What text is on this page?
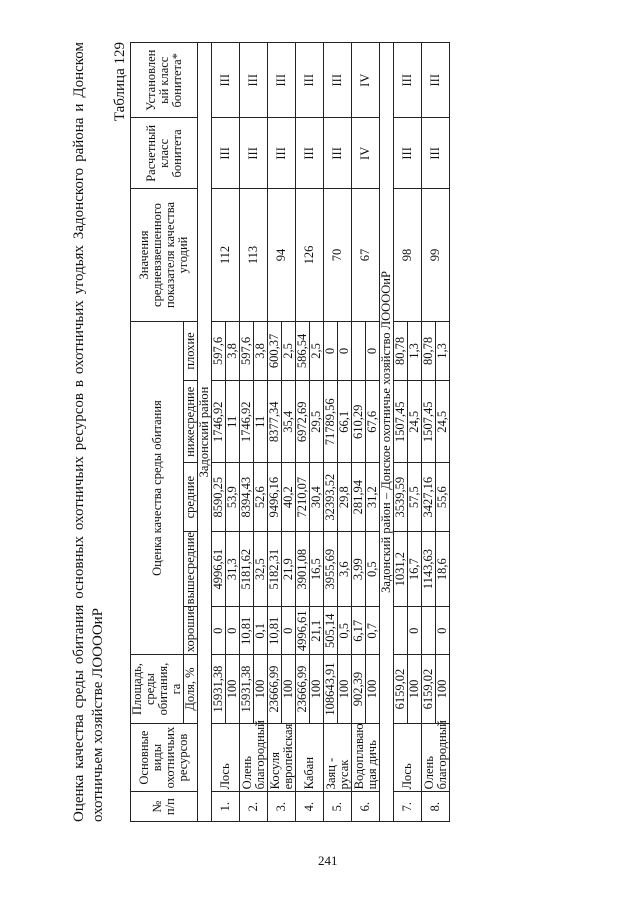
Оценка качества среды обитания основных охотничьих ресурсов в охотничьих угодьях Задонского района и Донском охотничьем хозяйстве ЛОООOиР
Таблица 129
№ п/п	Основные виды охотничьих ресурсов	Площадь, среды обитания, га	Оценка качества среды обитания					Значения средневзвешенного показателя качества угодий	Расчетный класс бонитета	Установлен ый класс бонитета*
		Доля, %	хорошие	вышесредние	средние	нижесредние	плохие			
Задонский район										
1.	Лось	15931,38	0	4996,61	8590,25	1746,92	597,6	112	III	III
		100	0	31,3	53,9	11	3,8			
2.	Олень благородный	15931,38	10,81	5181,62	8394,43	1746,92	597,6	113	III	III
		100	0,1	32,5	52,6	11	3,8			
3.	Косуля европейская	23666,99	10,81	5182,31	9496,16	8377,34	600,37	94	III	III
		100	0	21,9	40,2	35,4	2,5			
4.	Кабан	23666,99	4996,61	3901,08	7210,07	6972,69	586,54	126	III	III
		100	21,1	16,5	30,4	29,5	2,5			
5.	Заяц - русак	108643,91	505,14	3955,69	32393,52	71789,56	0	70	III	III
		100	0,5	3,6	29,8	66,1	0			
6.	Водоплаваю щая дичь	902,39	6,17	3,99	281,94	610,29		67	IV	IV
		100	0,7	0,5	31,2	67,6	0			
Задонский район – Донское охотничье хозяйство ЛОООOиР										
7.	Лось	6159,02		1031,2	3539,59	1507,45	80,78	98	III	III
		100	0	16,7	57,5	24,5	1,3			
8.	Олень благородный	6159,02		1143,63	3427,16	1507,45	80,78	99	III	III
		100	0	18,6	55,6	24,5	1,3			
241
